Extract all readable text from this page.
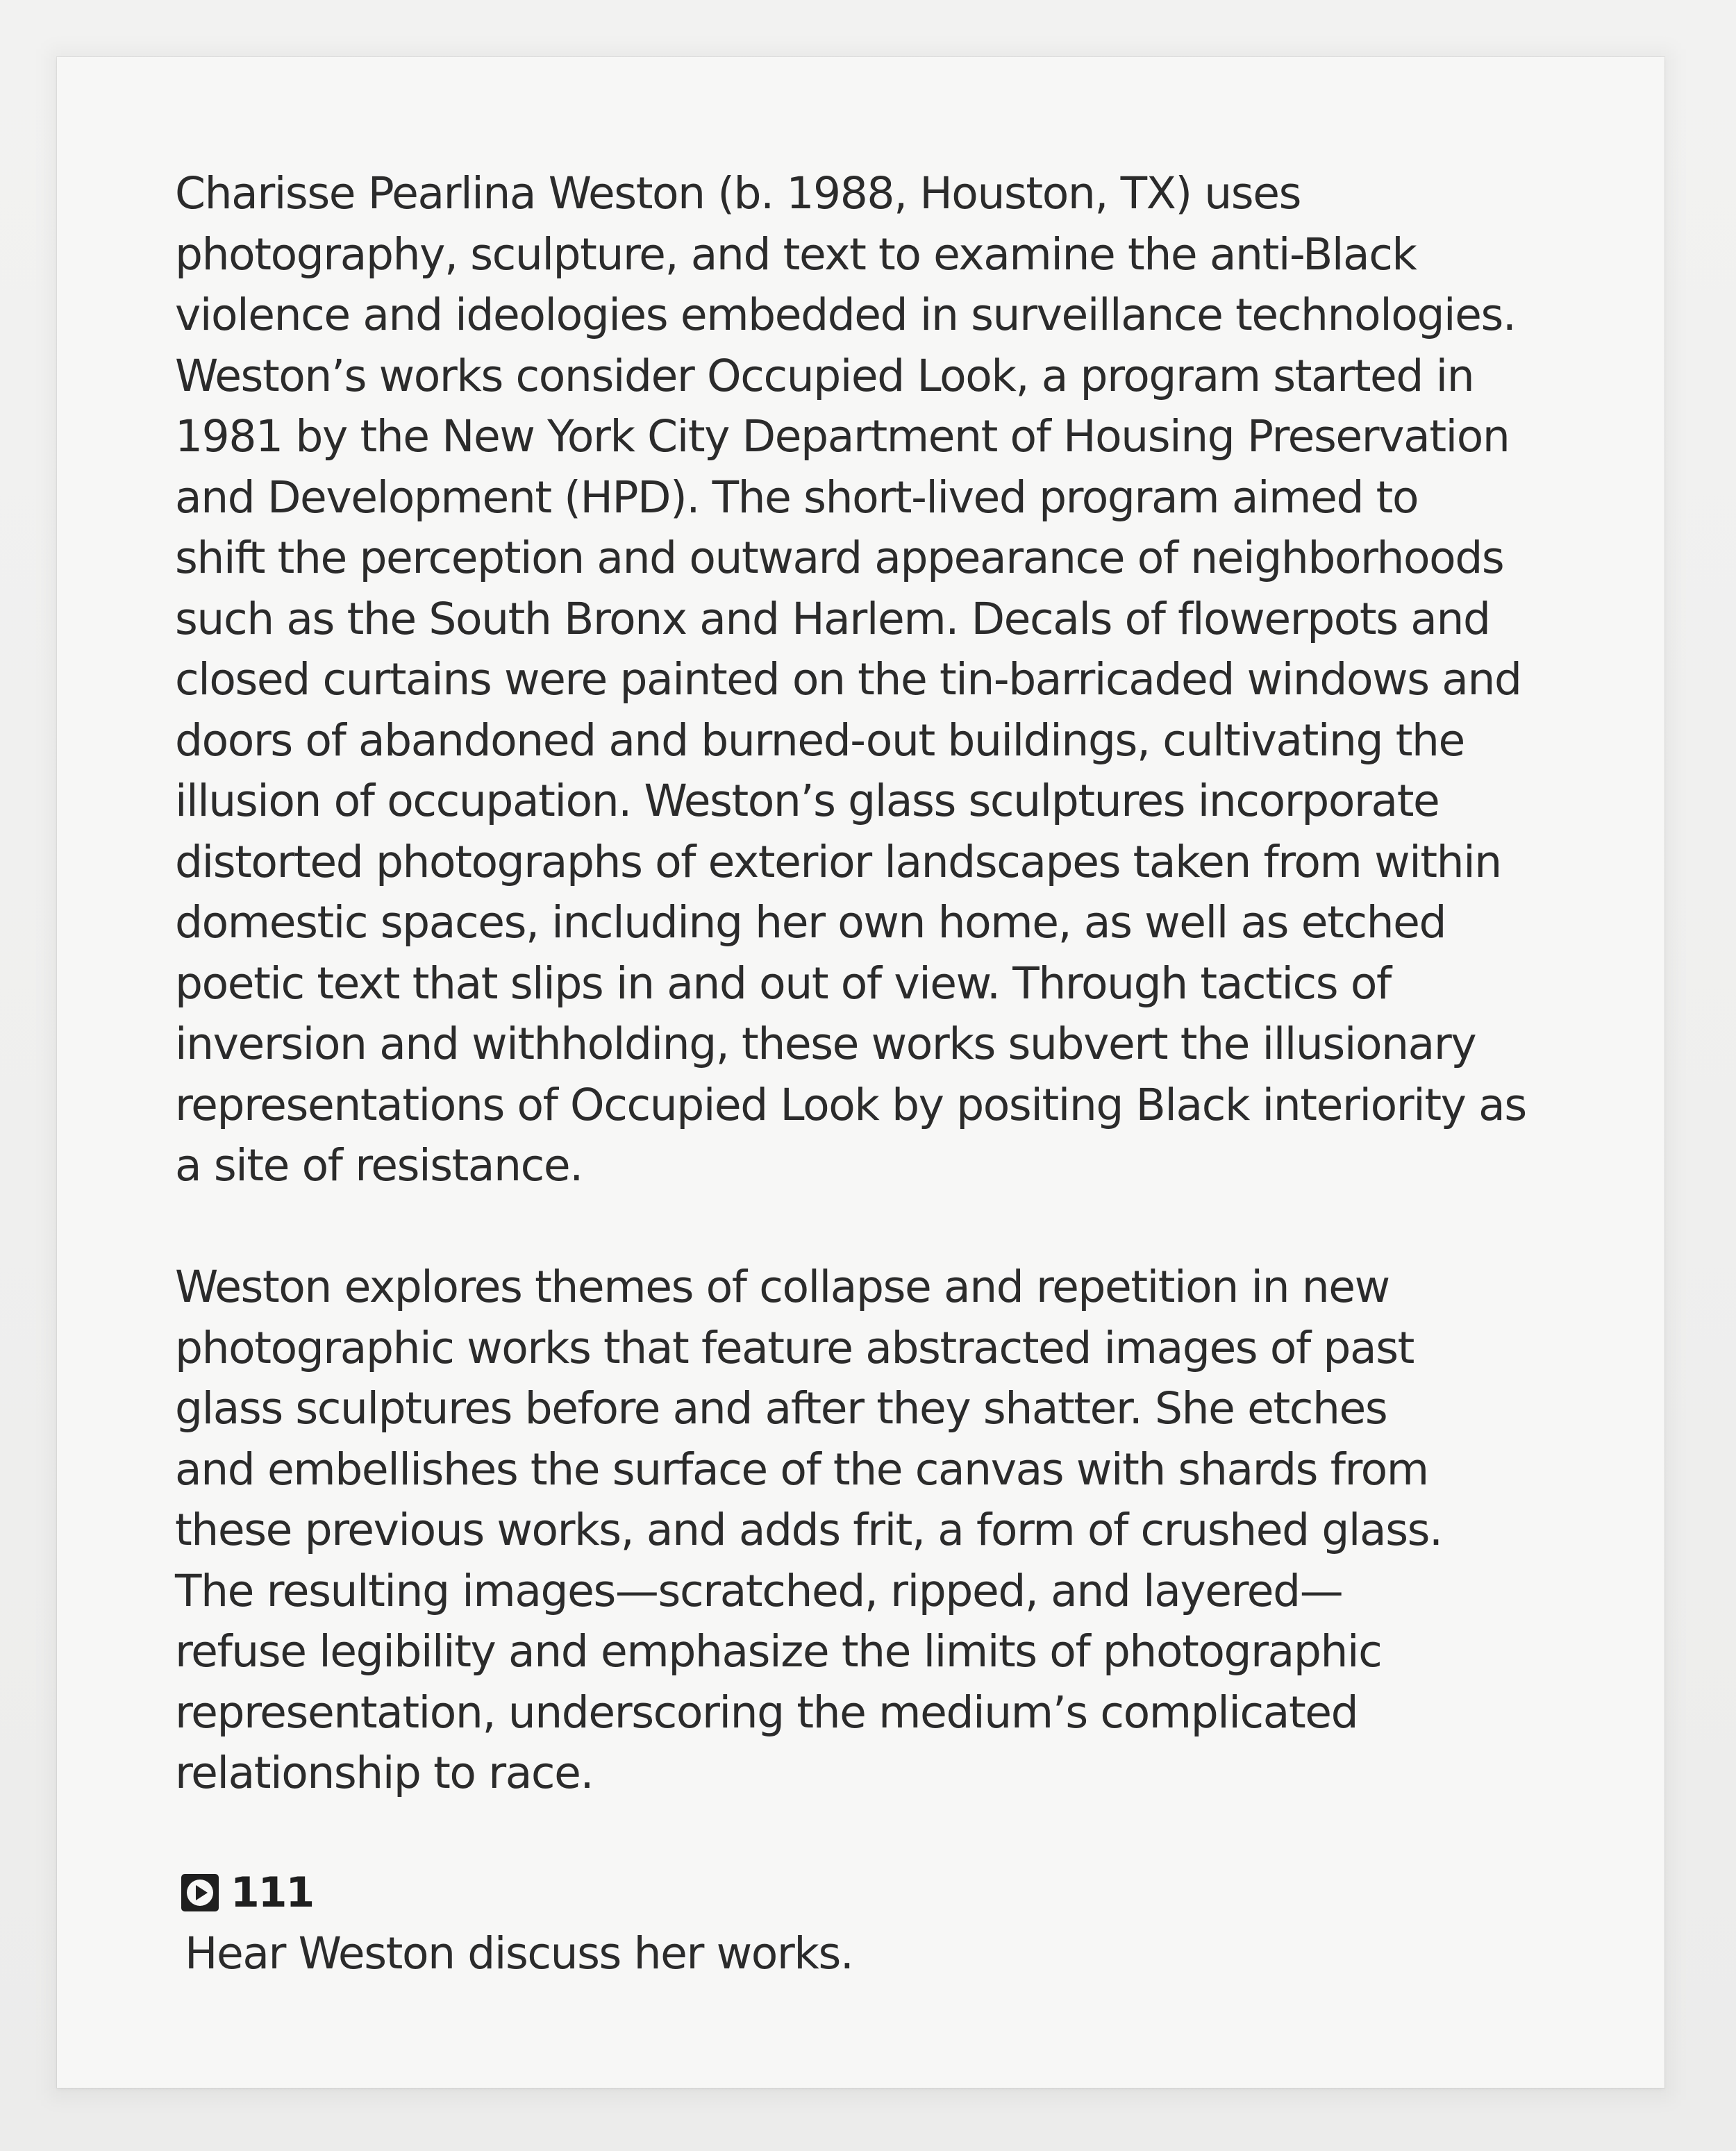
Charisse Pearlina Weston (b. 1988, Houston, TX) uses
photography, sculpture, and text to examine the anti-Black
violence and ideologies embedded in surveillance technologies.
Weston’s works consider Occupied Look, a program started in
1981 by the New York City Department of Housing Preservation
and Development (HPD). The short-lived program aimed to
shift the perception and outward appearance of neighborhoods
such as the South Bronx and Harlem. Decals of flowerpots and
closed curtains were painted on the tin-barricaded windows and
doors of abandoned and burned-out buildings, cultivating the
illusion of occupation. Weston’s glass sculptures incorporate
distorted photographs of exterior landscapes taken from within
domestic spaces, including her own home, as well as etched
poetic text that slips in and out of view. Through tactics of
inversion and withholding, these works subvert the illusionary
representations of Occupied Look by positing Black interiority as
a site of resistance.

Weston explores themes of collapse and repetition in new
photographic works that feature abstracted images of past
glass sculptures before and after they shatter. She etches
and embellishes the surface of the canvas with shards from
these previous works, and adds frit, a form of crushed glass.
The resulting images—scratched, ripped, and layered—
refuse legibility and emphasize the limits of photographic
representation, underscoring the medium’s complicated
relationship to race.

111

Hear Weston discuss her works.
